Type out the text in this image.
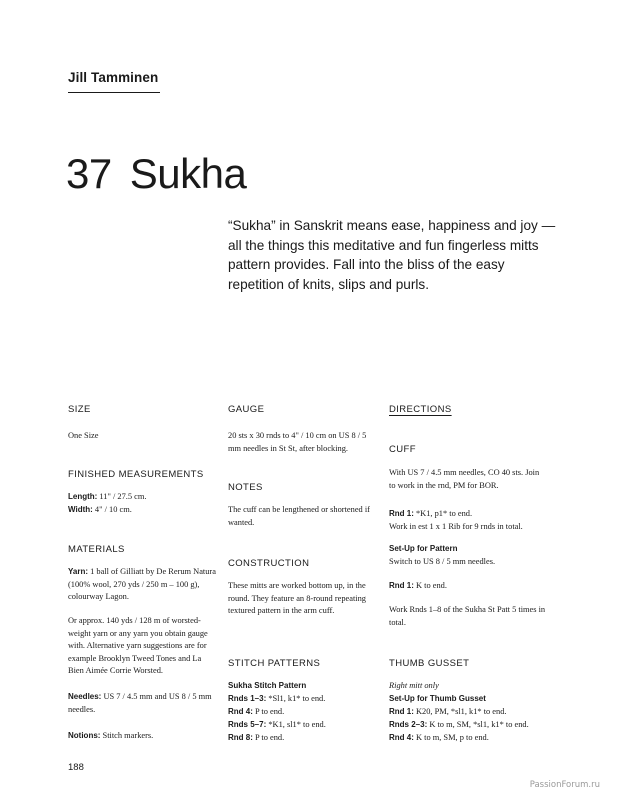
Jill Tamminen
37 Sukha
“Sukha” in Sanskrit means ease, happiness and joy — all the things this meditative and fun fingerless mitts pattern provides. Fall into the bliss of the easy repetition of knits, slips and purls.
SIZE
One Size
FINISHED MEASUREMENTS
Length: 11" / 27.5 cm.
Width: 4" / 10 cm.
MATERIALS
Yarn: 1 ball of Gilliatt by De Rerum Natura (100% wool, 270 yds / 250 m – 100 g), colourway Lagon.
Or approx. 140 yds / 128 m of worsted-weight yarn or any yarn you obtain gauge with. Alternative yarn suggestions are for example Brooklyn Tweed Tones and La Bien Aimée Corrie Worsted.
Needles: US 7 / 4.5 mm and US 8 / 5 mm needles.
Notions: Stitch markers.
GAUGE
20 sts x 30 rnds to 4" / 10 cm on US 8 / 5 mm needles in St St, after blocking.
NOTES
The cuff can be lengthened or shortened if wanted.
CONSTRUCTION
These mitts are worked bottom up, in the round. They feature an 8-round repeating textured pattern in the arm cuff.
STITCH PATTERNS
Sukha Stitch Pattern
Rnds 1–3: *Sl1, k1* to end.
Rnd 4: P to end.
Rnds 5–7: *K1, sl1* to end.
Rnd 8: P to end.
DIRECTIONS
CUFF
With US 7 / 4.5 mm needles, CO 40 sts. Join to work in the rnd, PM for BOR.
Rnd 1: *K1, p1* to end.
Work in est 1 x 1 Rib for 9 rnds in total.
Set-Up for Pattern
Switch to US 8 / 5 mm needles.
Rnd 1: K to end.
Work Rnds 1–8 of the Sukha St Patt 5 times in total.
THUMB GUSSET
Right mitt only
Set-Up for Thumb Gusset
Rnd 1: K20, PM, *sl1, k1* to end.
Rnds 2–3: K to m, SM, *sl1, k1* to end.
Rnd 4: K to m, SM, p to end.
188
PassionForum.ru
